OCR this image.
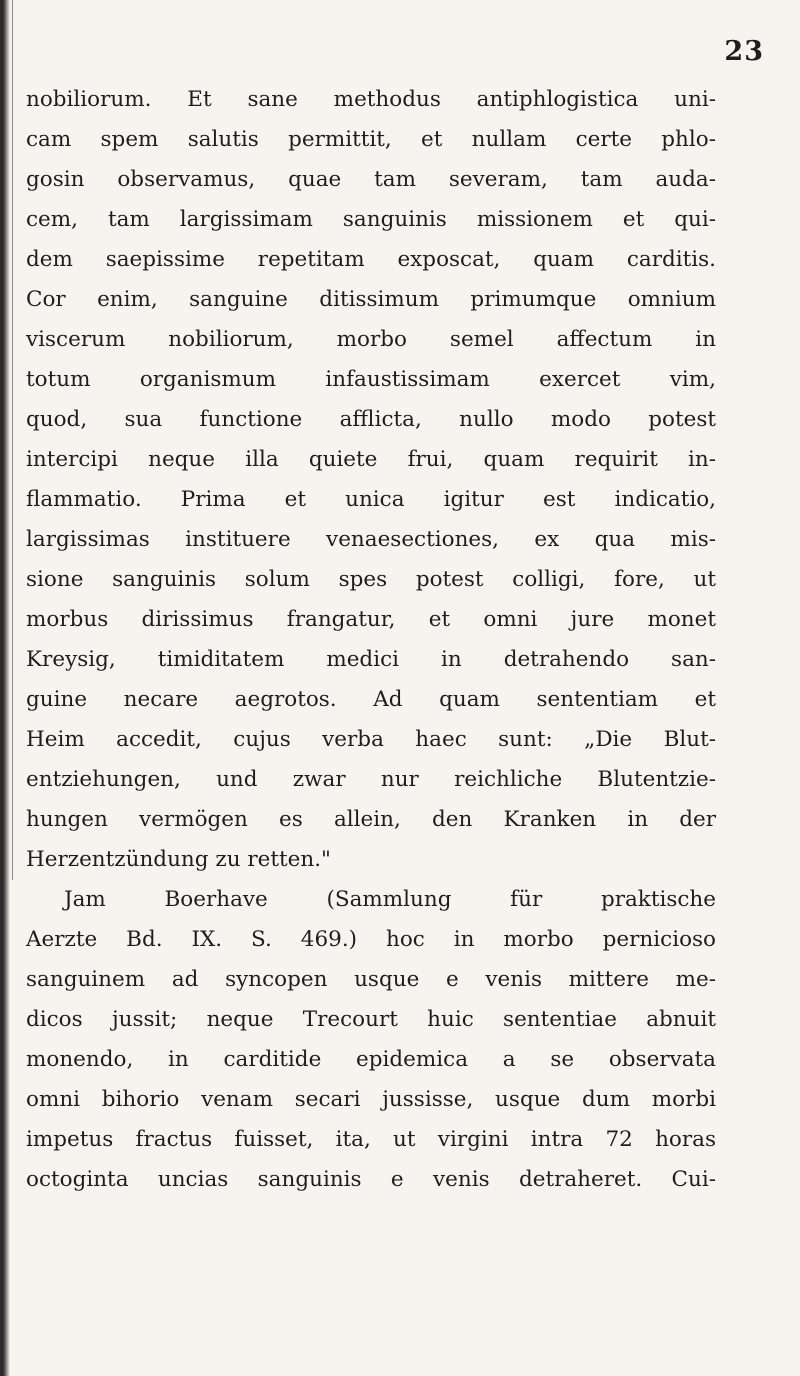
23
nobiliorum. Et sane methodus antiphlogistica uni-
cam spem salutis permittit, et nullam certe phlo-
gosin observamus, quae tam severam, tam auda-
cem, tam largissimam sanguinis missionem et qui-
dem saepissime repetitam exposcat, quam carditis.
Cor enim, sanguine ditissimum primumque omnium
viscerum nobiliorum, morbo semel affectum in
totum organismum infaustissimam exercet vim,
quod, sua functione afflicta, nullo modo potest
intercipi neque illa quiete frui, quam requirit in-
flammatio. Prima et unica igitur est indicatio,
largissimas instituere venaesectiones, ex qua mis-
sione sanguinis solum spes potest colligi, fore, ut
morbus dirissimus frangatur, et omni jure monet
Kreysig, timiditatem medici in detrahendo san-
guine necare aegrotos. Ad quam sententiam et
Heim accedit, cujus verba haec sunt: „Die Blut-
entziehungen, und zwar nur reichliche Blutentzie-
hungen vermögen es allein, den Kranken in der
Herzentzündung zu retten."
Jam Boerhave (Sammlung für praktische
Aerzte Bd. IX. S. 469.) hoc in morbo pernicioso
sanguinem ad syncopen usque e venis mittere me-
dicos jussit; neque Trecourt huic sententiae abnuit
monendo, in carditide epidemica a se observata
omni bihorio venam secari jussisse, usque dum morbi
impetus fractus fuisset, ita, ut virgini intra 72 horas
octoginta uncias sanguinis e venis detraheret. Cui-
